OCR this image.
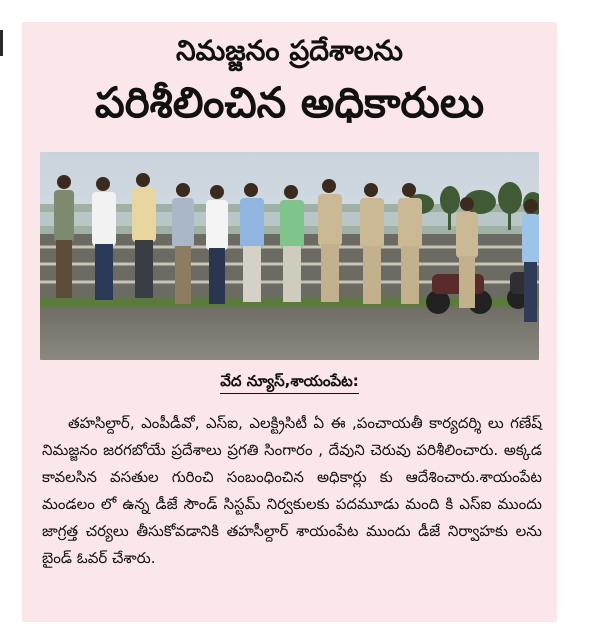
నిమజ్జనం ప్రదేశాలను
పరిశీలించిన అధికారులు
వేద న్యూస్,శాయంపేట:

తహసిల్దార్, ఎంపీడీవో, ఎస్ఐ, ఎలక్ట్రిసిటీ ఏ ఈ ,పంచాయతీ కార్యదర్శి లు గణేష్ నిమజ్జనం జరగబోయే ప్రదేశాలు ప్రగతి సింగారం , దేవుని చెరువు పరిశీలించారు. అక్కడ కావలసిన వసతుల గురించి సంబంధించిన అధికార్లు కు ఆదేశించారు.శాయంపేట మండలం లో ఉన్న డీజే సౌండ్ సిస్టమ్ నిర్వకులకు పదమూడు మంది కి ఎస్ఐ ముందు జాగ్రత్త చర్యలు తీసుకోవడానికి తహసీల్దార్ శాయంపేట ముందు డీజే నిర్వాహకు లను బైండ్ ఓవర్ చేశారు.
